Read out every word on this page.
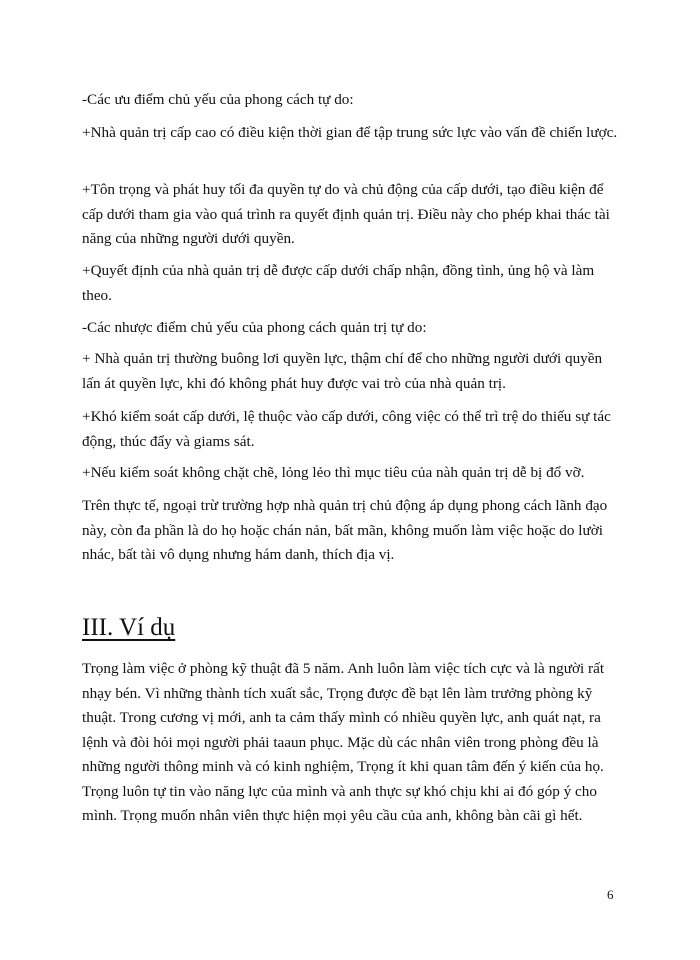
-Các ưu điểm chủ yếu của phong cách tự do:

+Nhà quản trị cấp cao có điều kiện thời gian để tập trung sức lực vào vấn đề chiến lược.

+Tôn trọng và phát huy tối đa quyền tự do và chủ động của cấp dưới, tạo điều kiện để cấp dưới tham gia vào quá trình ra quyết định quản trị. Điều này cho phép khai thác tài năng của những người dưới quyền.

+Quyết định của nhà quản trị dễ được cấp dưới chấp nhận, đồng tình, ủng hộ và làm theo.

-Các nhược điểm chủ yếu của phong cách quản trị tự do:

+ Nhà quản trị thường buông lơi quyền lực, thậm chí để cho những người dưới quyền lấn át quyền lực, khi đó không phát huy được vai trò của nhà quản trị.

+Khó kiểm soát cấp dưới, lệ thuộc vào cấp dưới, công việc có thể trì trệ do thiếu sự tác động, thúc đẩy và giams sát.

+Nếu kiểm soát không chặt chẽ, lỏng lẻo thì mục tiêu của nàh quản trị dễ bị đổ vỡ.

Trên thực tế, ngoại trừ trường hợp nhà quản trị chủ động áp dụng phong cách lãnh đạo này, còn đa phần là do họ hoặc chán nản, bất mãn, không muốn làm việc hoặc do lười nhác, bất tài vô dụng nhưng hám danh, thích địa vị.

III. Ví dụ

Trọng làm việc ở phòng kỹ thuật đã 5 năm. Anh luôn làm việc tích cực và là người rất nhạy bén. Vì những thành tích xuất sắc, Trọng được đề bạt lên làm trưởng phòng kỹ thuật. Trong cương vị mới, anh ta cảm thấy mình có nhiều quyền lực, anh quát nạt, ra lệnh và đòi hỏi mọi người phải taaun phục. Mặc dù các nhân viên trong phòng đều là những người thông minh và có kinh nghiệm, Trọng ít khi quan tâm đến ý kiến của họ. Trọng luôn tự tin vào năng lực của mình và anh thực sự khó chịu khi ai đó góp ý cho mình. Trọng muốn nhân viên thực hiện mọi yêu cầu của anh, không bàn cãi gì hết.

6
